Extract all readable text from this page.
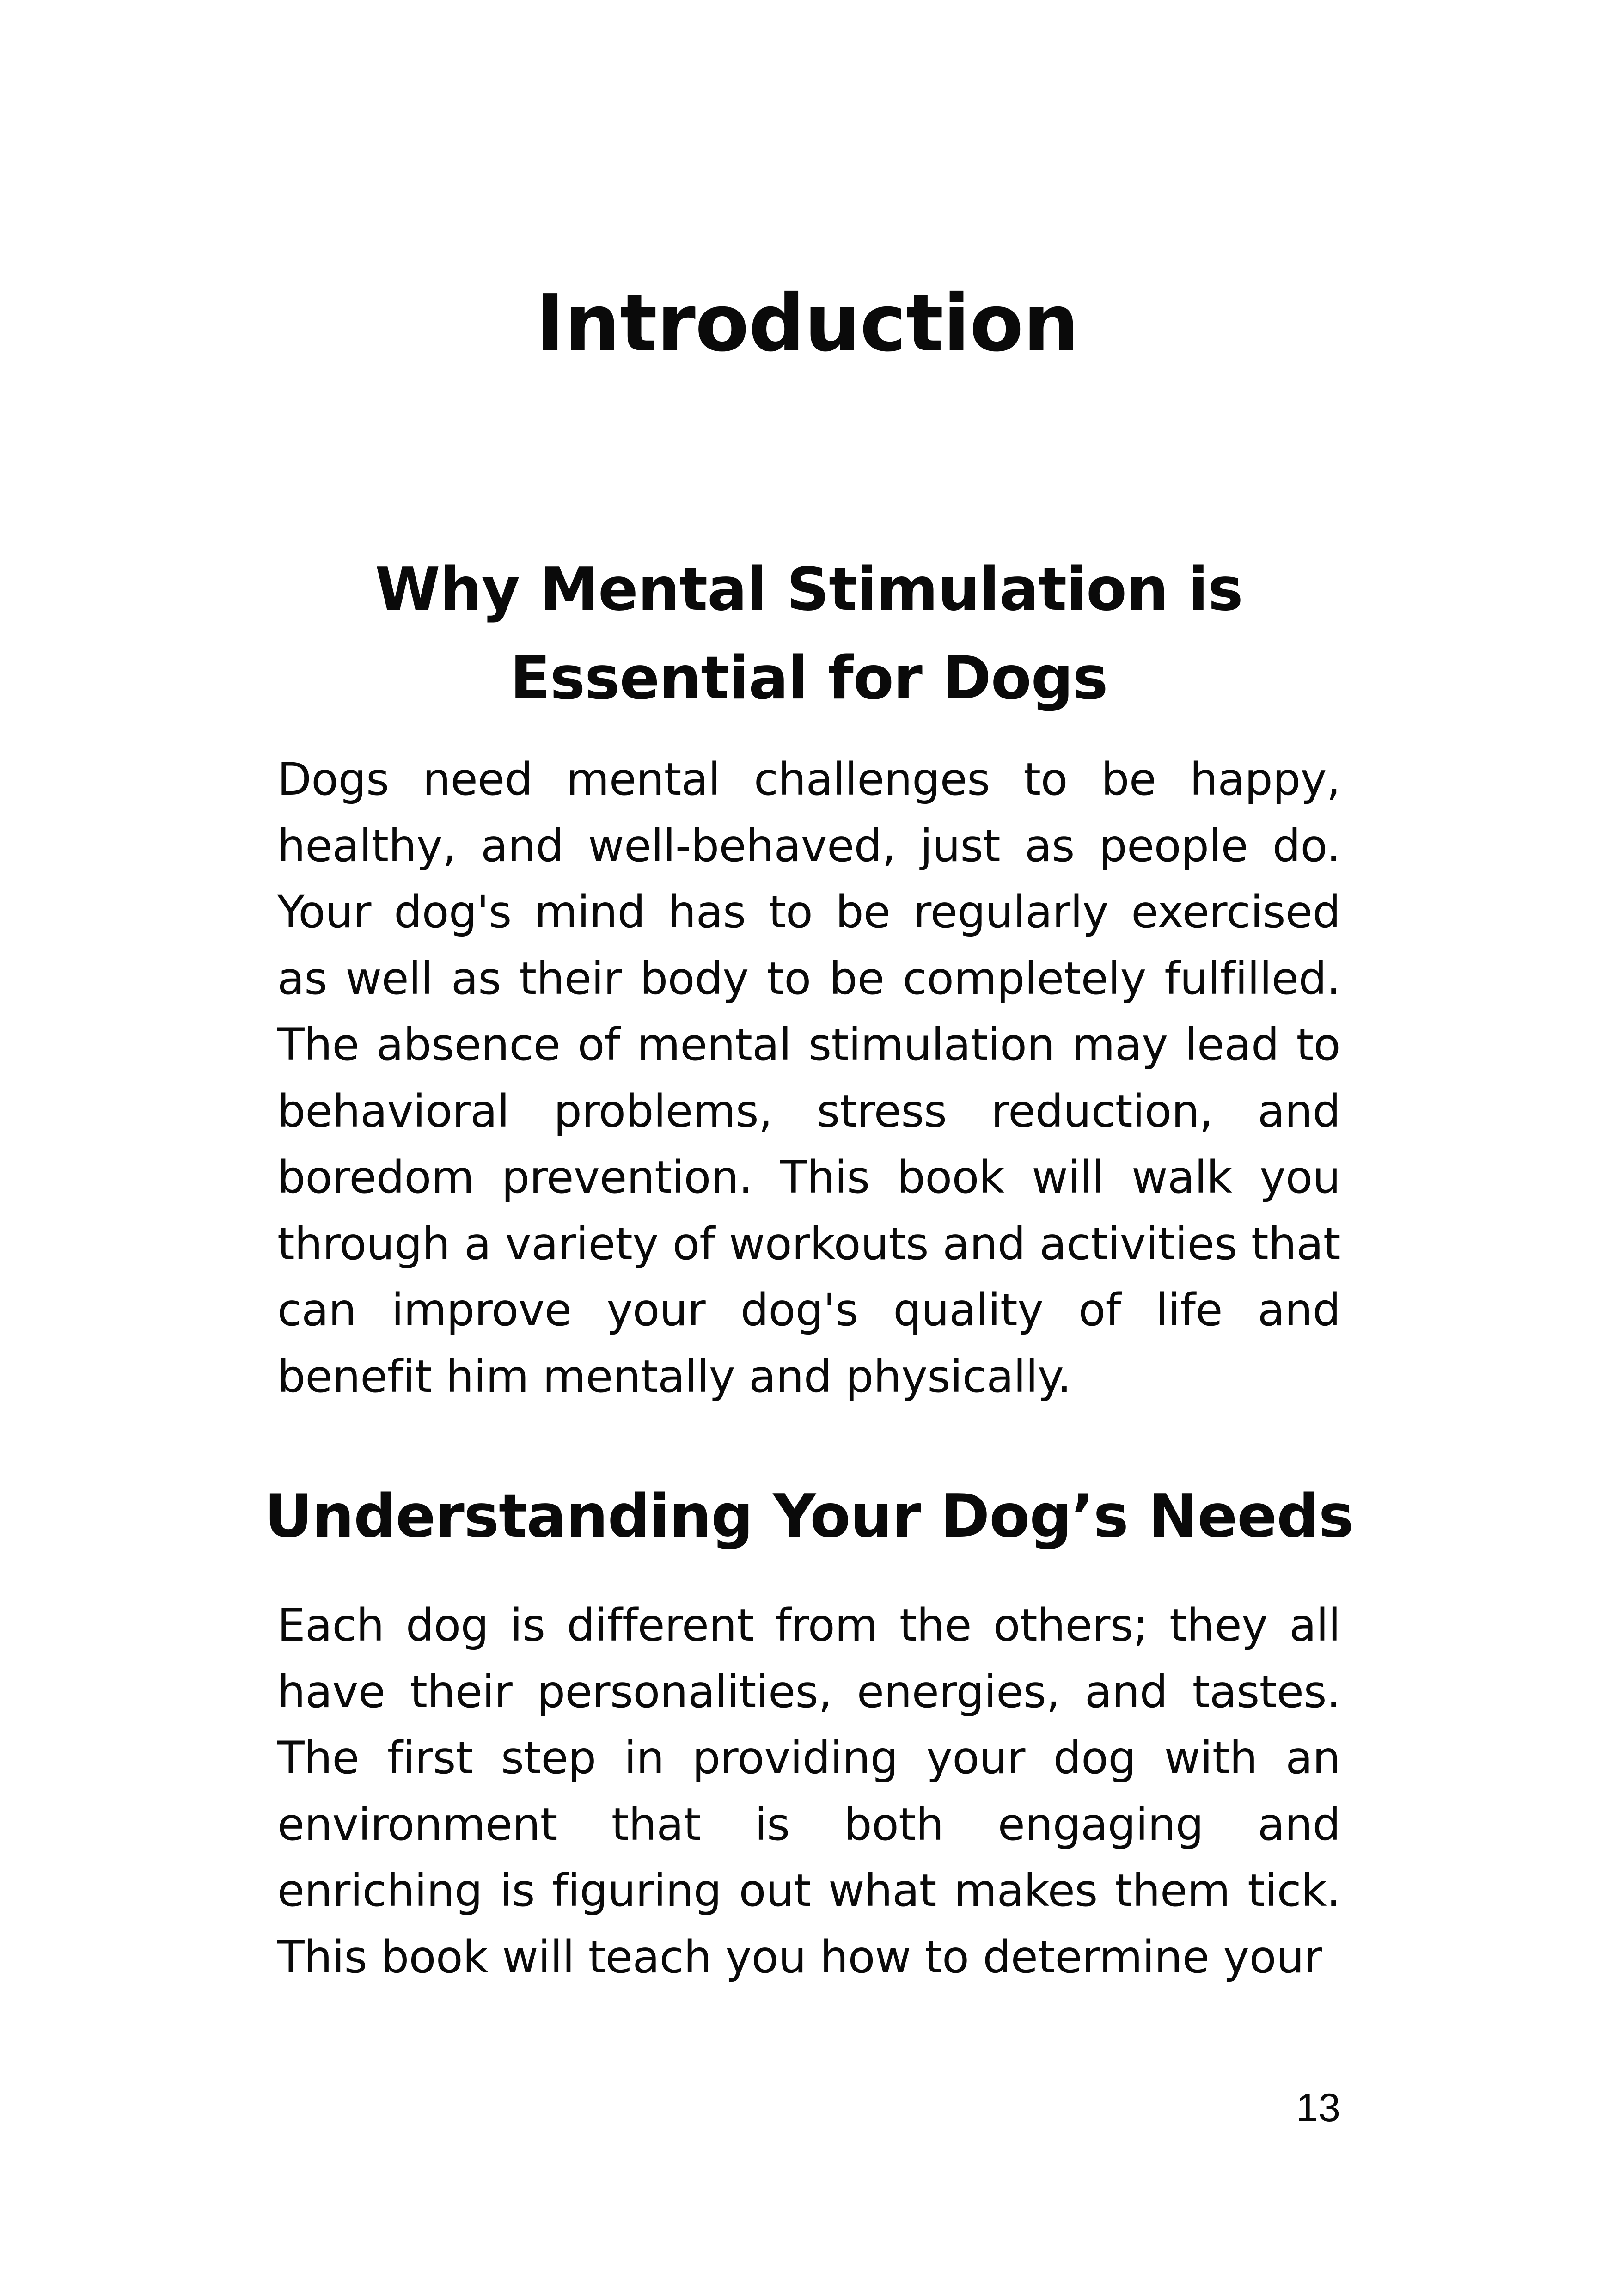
Introduction
Why Mental Stimulation is Essential for Dogs

Dogs need mental challenges to be happy, healthy, and well-behaved, just as people do. Your dog's mind has to be regularly exercised as well as their body to be completely fulfilled. The absence of mental stimulation may lead to behavioral problems, stress reduction, and boredom prevention. This book will walk you through a variety of workouts and activities that can improve your dog's quality of life and benefit him mentally and physically.

Understanding Your Dog’s Needs

Each dog is different from the others; they all have their personalities, energies, and tastes. The first step in providing your dog with an environment that is both engaging and enriching is figuring out what makes them tick. This book will teach you how to determine your

13
